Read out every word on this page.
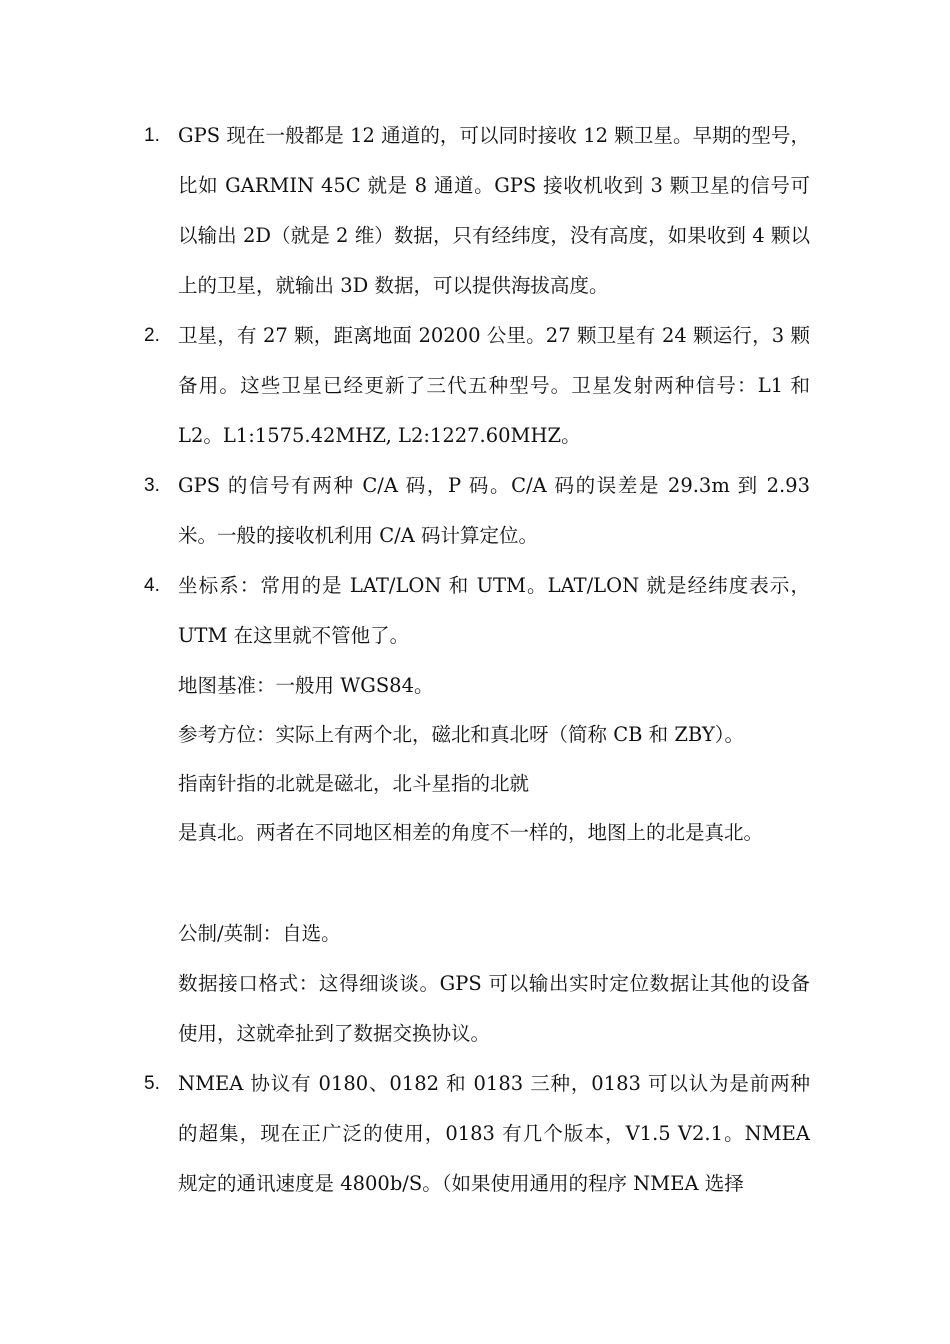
1. GPS 现在一般都是 12 通道的，可以同时接收 12 颗卫星。早期的型号，比如 GARMIN 45C 就是 8 通道。GPS 接收机收到 3 颗卫星的信号可以输出 2D（就是 2 维）数据，只有经纬度，没有高度，如果收到 4 颗以上的卫星，就输出 3D 数据，可以提供海拔高度。
2. 卫星，有 27 颗，距离地面 20200 公里。27 颗卫星有 24 颗运行，3 颗备用。这些卫星已经更新了三代五种型号。卫星发射两种信号：L1 和 L2。L1:1575.42MHZ, L2:1227.60MHZ。
3. GPS 的信号有两种 C/A 码，P 码。C/A 码的误差是 29.3m 到 2.93 米。一般的接收机利用 C/A 码计算定位。
4. 坐标系：常用的是 LAT/LON 和 UTM。LAT/LON 就是经纬度表示，UTM 在这里就不管他了。
地图基准：一般用 WGS84。
参考方位：实际上有两个北，磁北和真北呀（简称 CB 和 ZBY）。
指南针指的北就是磁北，北斗星指的北就
是真北。两者在不同地区相差的角度不一样的，地图上的北是真北。
公制/英制：自选。
数据接口格式：这得细谈谈。GPS 可以输出实时定位数据让其他的设备使用，这就牵扯到了数据交换协议。
5. NMEA 协议有 0180、0182 和 0183 三种，0183 可以认为是前两种的超集，现在正广泛的使用，0183 有几个版本，V1.5 V2.1。NMEA 规定的通讯速度是 4800b/S。（如果使用通用的程序 NMEA 选择
